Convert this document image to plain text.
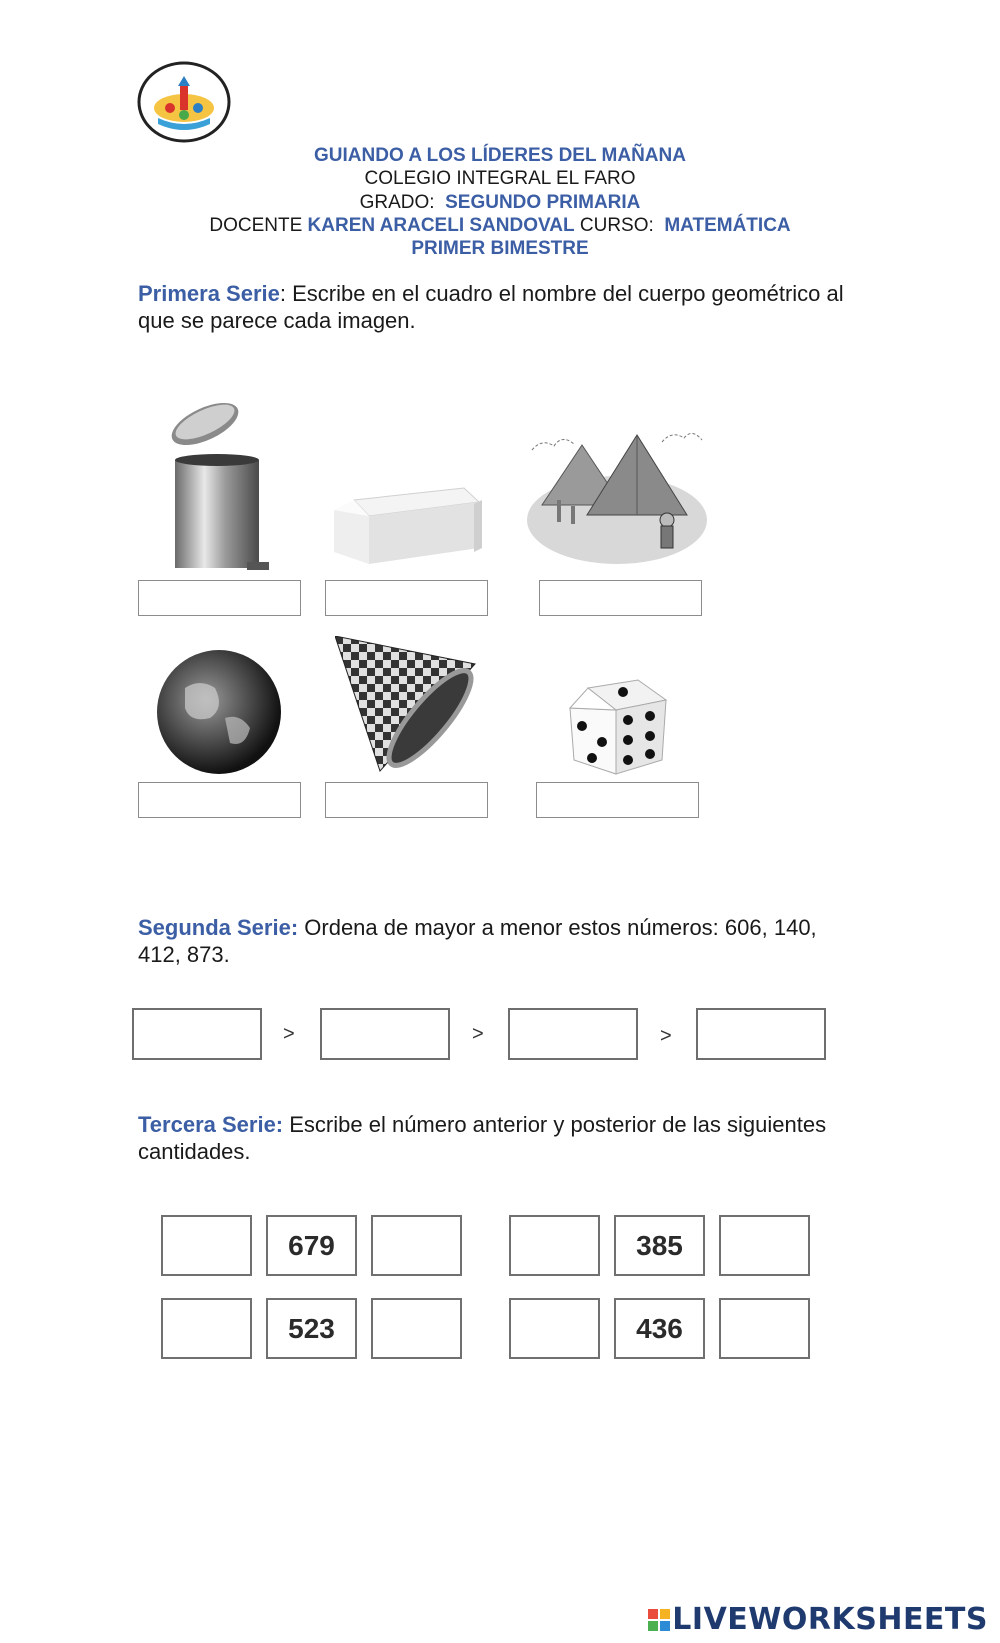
GUIANDO A LOS LÍDERES DEL MAÑANA
COLEGIO INTEGRAL EL FARO
GRADO: SEGUNDO PRIMARIA
DOCENTE KAREN ARACELI SANDOVAL CURSO: MATEMÁTICA
PRIMER BIMESTRE
Primera Serie: Escribe en el cuadro el nombre del cuerpo geométrico al que se parece cada imagen.
Segunda Serie: Ordena de mayor a menor estos números: 606, 140, 412, 873.
>	>	>
Tercera Serie: Escribe el número anterior y posterior de las siguientes cantidades.
679	385
523	436
LIVEWORKSHEETS
